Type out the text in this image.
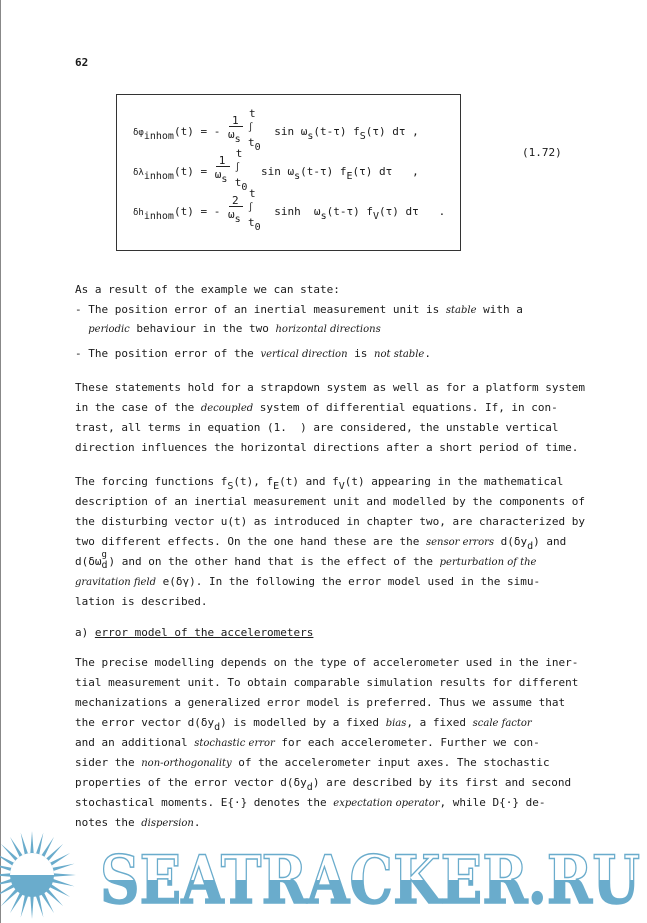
62
δφinhom(t) = - $\frac{1}{\omega s}$
t
∫
t0
sin ωs(t-τ) fS(τ) dτ ,
δλinhom(t) = $\frac{1}{\omega s}$
t
∫
t0
sin ωs(t-τ) fE(τ) dτ   ,
δhinhom(t) = - $\frac{2}{\omega s}$
t
∫
t0
sinh  ωs(t-τ) fV(τ) dτ   .
(1.72)
As a result of the example we can state:
- The position error of an inertial measurement unit is stable with a
periodic behaviour in the two horizontal directions
- The position error of the vertical direction is not stable.
These statements hold for a strapdown system as well as for a platform system
in the case of the decoupled system of differential equations. If, in con-
trast, all terms in equation (1.  ) are considered, the unstable vertical
direction influences the horizontal directions after a short period of time.
The forcing functions fS(t), fE(t) and fV(t) appearing in the mathematical
description of an inertial measurement unit and modelled by the components of
the disturbing vector u(t) as introduced in chapter two, are characterized by
two different effects. On the one hand these are the sensor errors d(δyd) and
d(δω g
d ) and on the other hand that is the effect of the perturbation of the
gravitation field e(δγ). In the following the error model used in the simu-
lation is described.
a) error model of the accelerometers
The precise modelling depends on the type of accelerometer used in the iner-
tial measurement unit. To obtain comparable simulation results for different
mechanizations a generalized error model is preferred. Thus we assume that
the error vector d(δyd) is modelled by a fixed bias, a fixed scale factor
and an additional stochastic error for each accelerometer. Further we con-
sider the non-orthogonality of the accelerometer input axes. The stochastic
properties of the error vector d(δyd) are described by its first and second
stochastical moments. E{·} denotes the expectation operator, while D{·} de-
notes the dispersion.
SEATRACKER.RU
